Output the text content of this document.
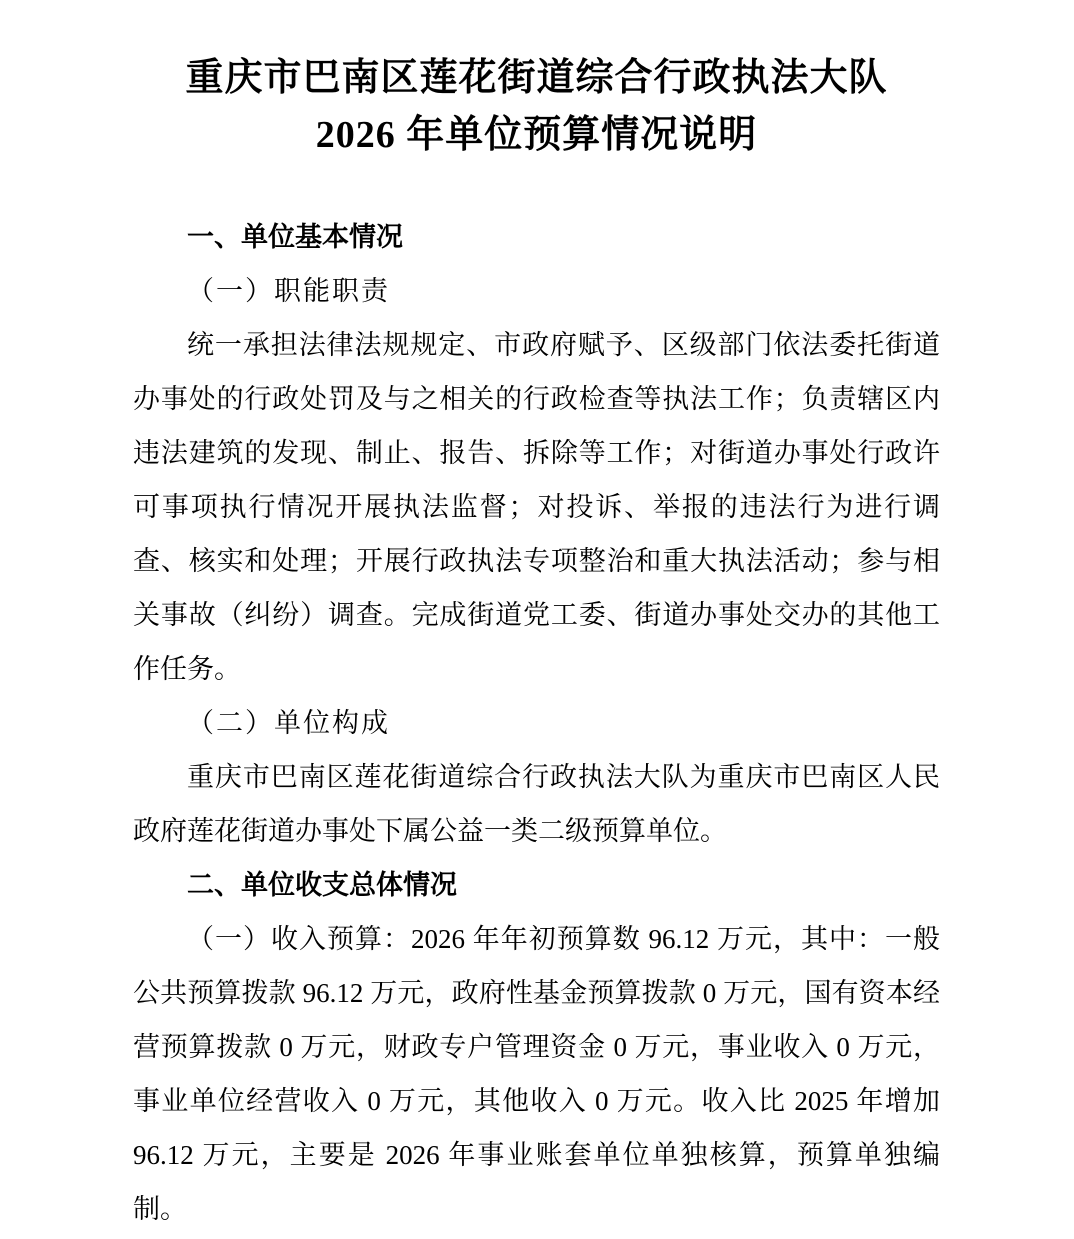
重庆市巴南区莲花街道综合行政执法大队
2026 年单位预算情况说明
一、单位基本情况
（一）职能职责
统一承担法律法规规定、市政府赋予、区级部门依法委托街道办事处的行政处罚及与之相关的行政检查等执法工作；负责辖区内违法建筑的发现、制止、报告、拆除等工作；对街道办事处行政许可事项执行情况开展执法监督；对投诉、举报的违法行为进行调查、核实和处理；开展行政执法专项整治和重大执法活动；参与相关事故（纠纷）调查。完成街道党工委、街道办事处交办的其他工作任务。
（二）单位构成
重庆市巴南区莲花街道综合行政执法大队为重庆市巴南区人民政府莲花街道办事处下属公益一类二级预算单位。
二、单位收支总体情况
（一）收入预算：2026 年年初预算数 96.12 万元，其中：一般公共预算拨款 96.12 万元，政府性基金预算拨款 0 万元，国有资本经营预算拨款 0 万元，财政专户管理资金 0 万元，事业收入 0 万元，事业单位经营收入 0 万元，其他收入 0 万元。收入比 2025 年增加 96.12 万元，主要是 2026 年事业账套单位单独核算，预算单独编制。
